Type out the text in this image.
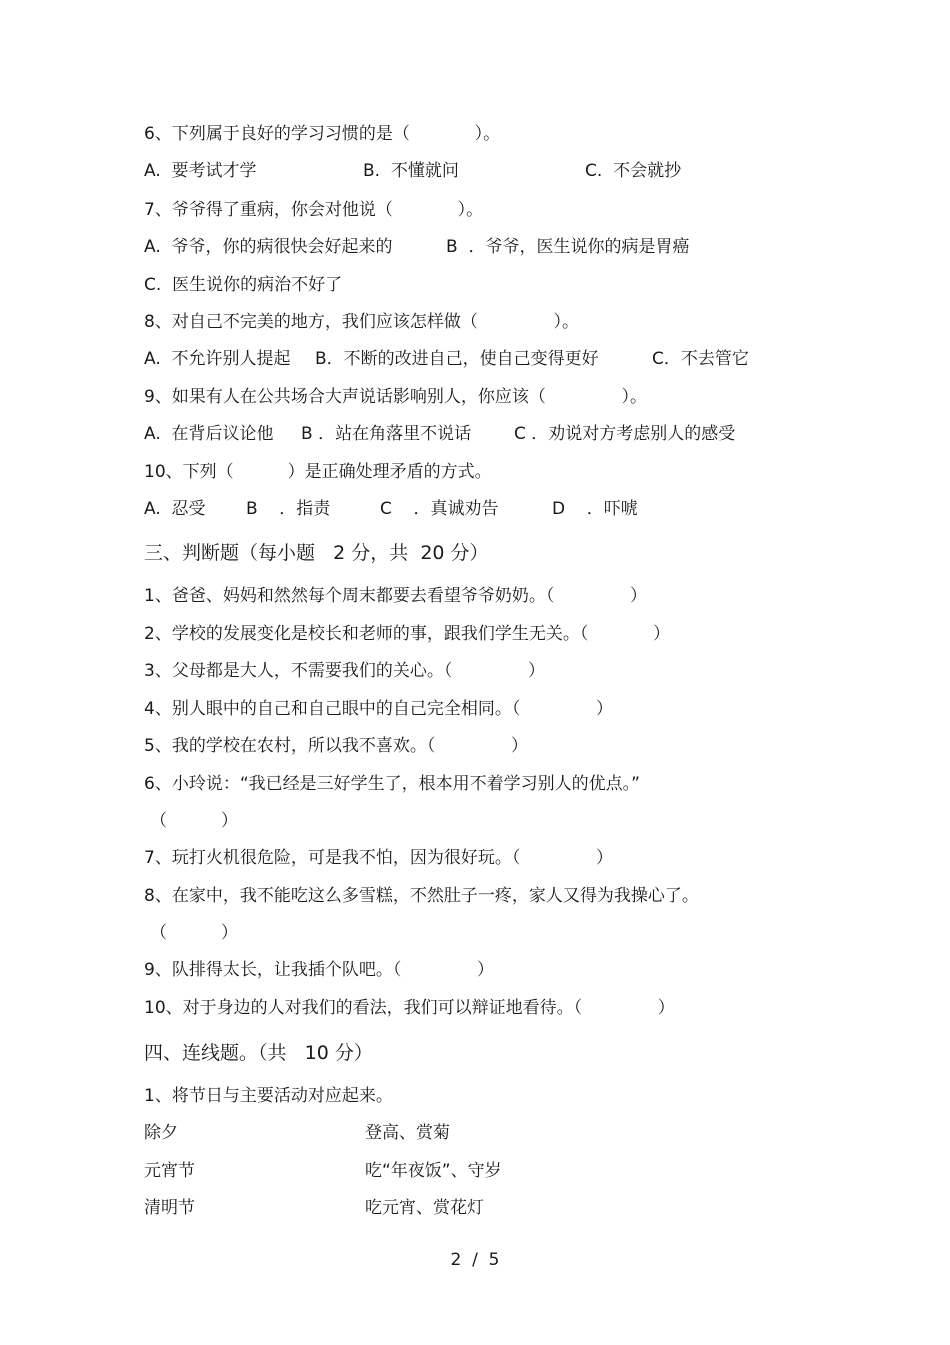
6、下列属于良好的学习习惯的是（            ）。
A.  要考试才学	B.  不懂就问	C.  不会就抄
7、爷爷得了重病，你会对他说（            ）。
A.  爷爷，你的病很快会好起来的	B  ．爷爷，医生说你的病是胃癌
C.  医生说你的病治不好了
8、对自己不完美的地方，我们应该怎样做（              ）。
A.  不允许别人提起 B．不断的改进自己，使自己变得更好	C．不去管它
9、如果有人在公共场合大声说话影响别人，你应该（              ）。
A.  在背后议论他 B ．站在角落里不说话	C ．劝说对方考虑别人的感受
10、下列（          ）是正确处理矛盾的方式。
A.  忍受 B    ．指责	C    ．真诚劝告	D    ．吓唬
三、判断题（每小题   2 分，共  20 分）
1、爸爸、妈妈和然然每个周末都要去看望爷爷奶奶。（              ）
2、学校的发展变化是校长和老师的事，跟我们学生无关。（            ）
3、父母都是大人，不需要我们的关心。（              ）
4、别人眼中的自己和自己眼中的自己完全相同。（              ）
5、我的学校在农村，所以我不喜欢。（              ）
6、小玲说：“我已经是三好学生了，根本用不着学习别人的优点。”
（          ）
7、玩打火机很危险，可是我不怕，因为很好玩。（              ）
8、在家中，我不能吃这么多雪糕，不然肚子一疼，家人又得为我操心了。
（          ）
9、队排得太长，让我插个队吧。（              ）
10、对于身边的人对我们的看法，我们可以辩证地看待。（              ）
四、连线题。（共   10 分）
1、将节日与主要活动对应起来。
除夕	登高、赏菊
元宵节	吃“年夜饭”、守岁
清明节	吃元宵、赏花灯
2  /  5
